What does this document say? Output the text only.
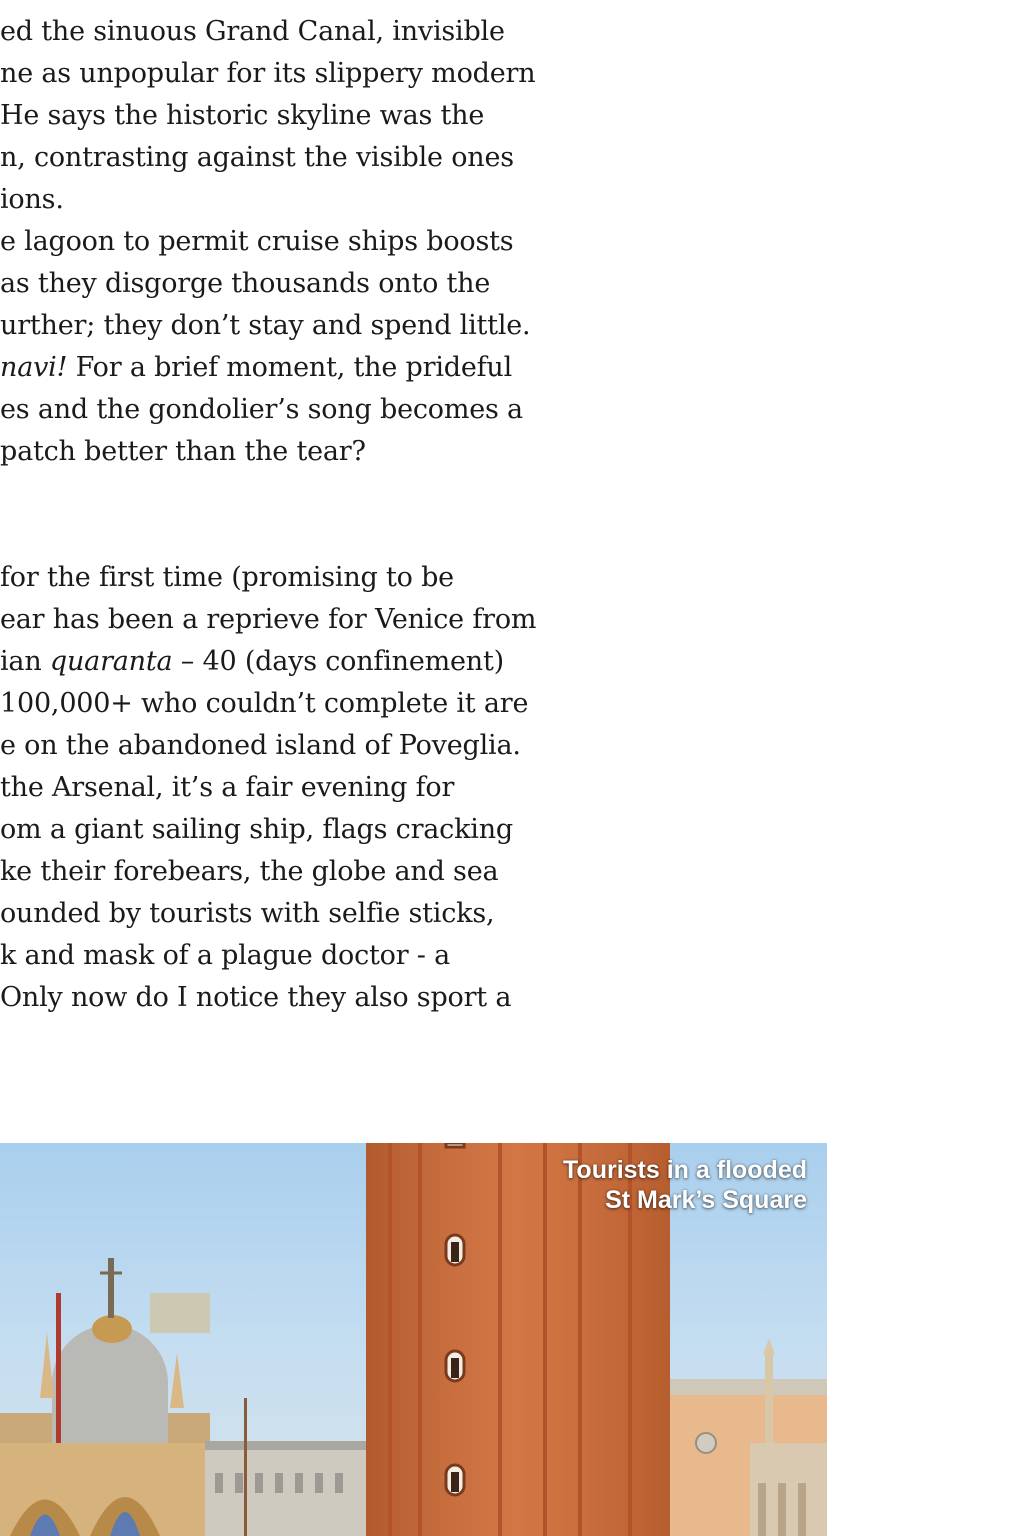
ed the sinuous Grand Canal, invisible
ne as unpopular for its slippery modern
He says the historic skyline was the
n, contrasting against the visible ones
ions.
e lagoon to permit cruise ships boosts
as they disgorge thousands onto the
urther; they don’t stay and spend little.
navi! For a brief moment, the prideful
es and the gondolier’s song becomes a
patch better than the tear?
for the first time (promising to be
ear has been a reprieve for Venice from
ian quaranta – 40 (days confinement)
100,000+ who couldn’t complete it are
e on the abandoned island of Poveglia.
the Arsenal, it’s a fair evening for
om a giant sailing ship, flags cracking
ke their forebears, the globe and sea
ounded by tourists with selfie sticks,
k and mask of a plague doctor - a
Only now do I notice they also sport a
Tourists in a flooded
St Mark’s Square
